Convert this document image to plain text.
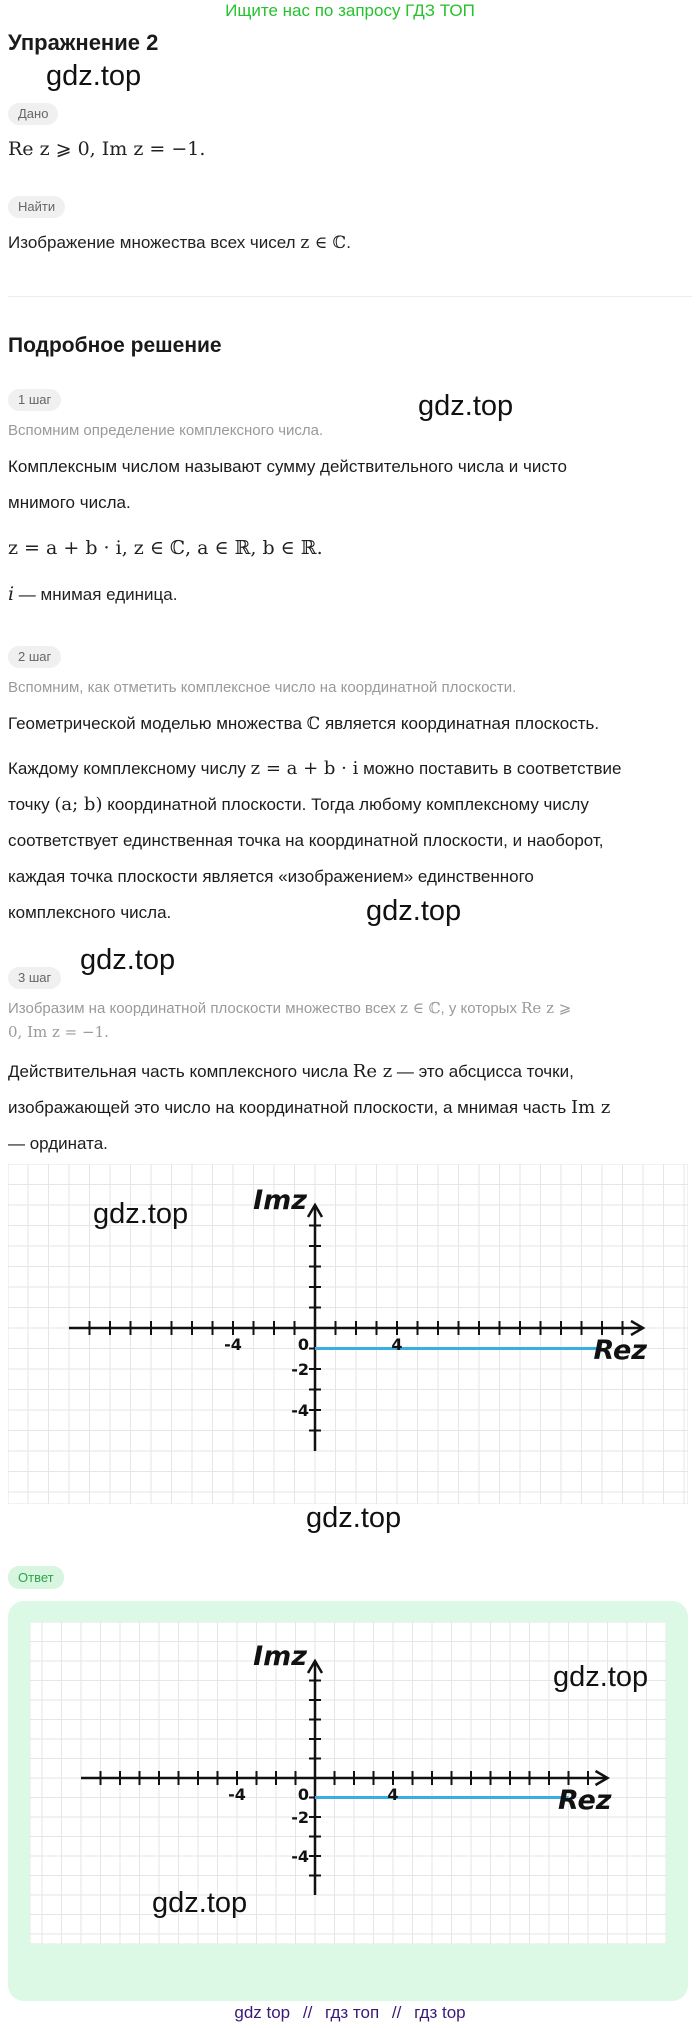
Ищите нас по запросу ГДЗ ТОП
Упражнение 2
gdz.top
Дано
Re z ⩾ 0, Im z = −1.
Найти
Изображение множества всех чисел z ∈ ℂ.
Подробное решение
1 шаг	gdz.top
Вспомним определение комплексного числа.
Комплексным числом называют сумму действительного числа и чисто
мнимого числа.
z = a + b · i, z ∈ ℂ, a ∈ ℝ, b ∈ ℝ.
i — мнимая единица.
2 шаг
Вспомним, как отметить комплексное число на координатной плоскости.
Геометрической моделью множества ℂ является координатная плоскость.
Каждому комплексному числу z = a + b · i можно поставить в соответствие
точку (a; b) координатной плоскости. Тогда любому комплексному числу
соответствует единственная точка на координатной плоскости, и наоборот,
каждая точка плоскости является «изображением» единственного
комплексного числа.	gdz.top
3 шаг
gdz.top
Изобразим на координатной плоскости множество всех z ∈ ℂ, у которых Re z ⩾
0, Im z = −1.
Действительная часть комплексного числа Re z — это абсцисса точки,
изображающей это число на координатной плоскости, а мнимая часть Im z
— ордината.
-4	0	4
-2
-4
Imz
Rez
gdz.top
gdz.top
Ответ
-4	0	4
-2
-4
Imz
Rez
gdz.top
gdz.top
gdz top // гдз топ // гдз top
